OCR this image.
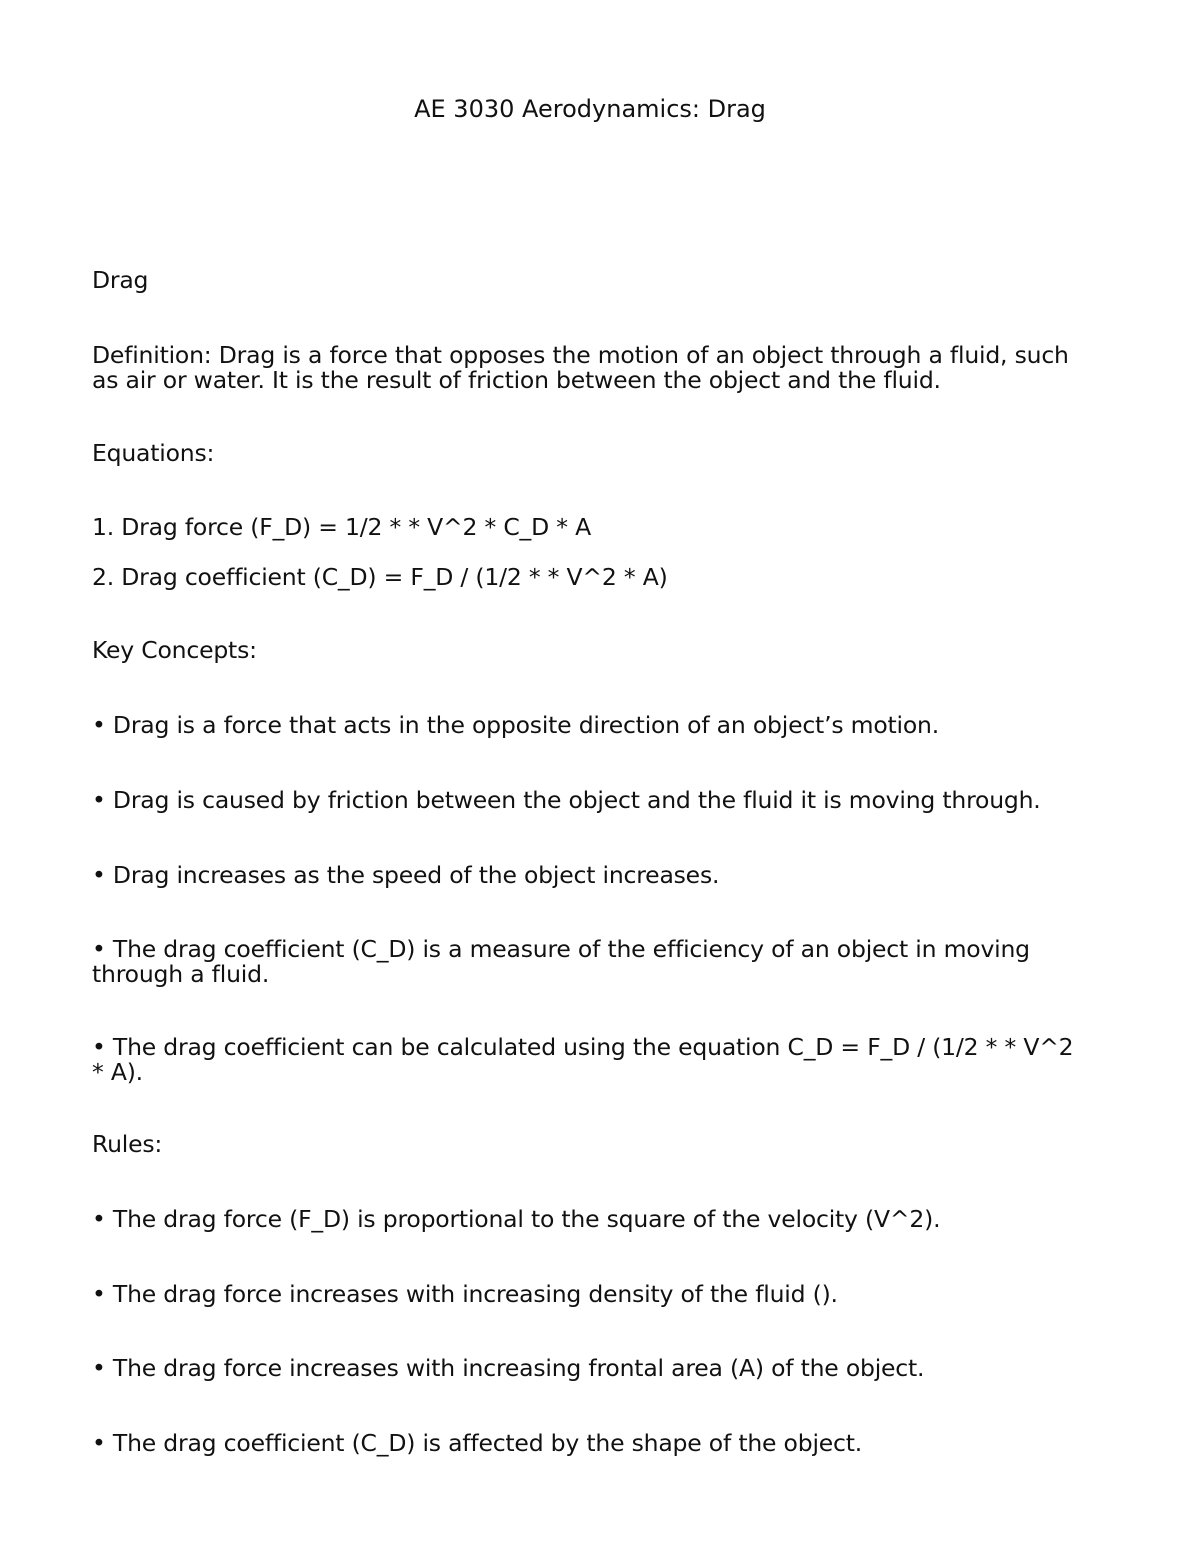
AE 3030 Aerodynamics: Drag

Drag

Definition: Drag is a force that opposes the motion of an object through a fluid, such as air or water. It is the result of friction between the object and the fluid.

Equations:

1. Drag force (F_D) = 1/2 * * V^2 * C_D * A

2. Drag coefficient (C_D) = F_D / (1/2 * * V^2 * A)

Key Concepts:

• Drag is a force that acts in the opposite direction of an object’s motion.

• Drag is caused by friction between the object and the fluid it is moving through.

• Drag increases as the speed of the object increases.

• The drag coefficient (C_D) is a measure of the efficiency of an object in moving through a fluid.

• The drag coefficient can be calculated using the equation C_D = F_D / (1/2 * * V^2 * A).

Rules:

• The drag force (F_D) is proportional to the square of the velocity (V^2).

• The drag force increases with increasing density of the fluid ().

• The drag force increases with increasing frontal area (A) of the object.

• The drag coefficient (C_D) is affected by the shape of the object.
